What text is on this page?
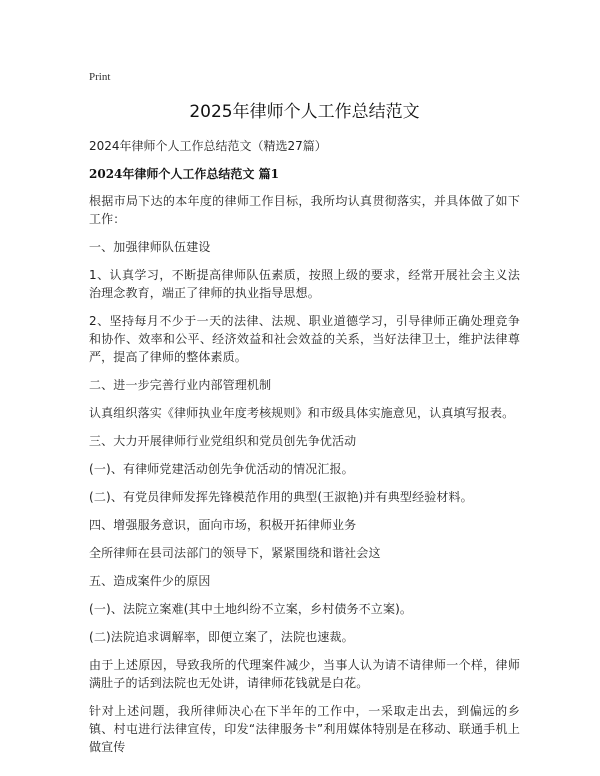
Print
2025年律师个人工作总结范文

2024年律师个人工作总结范文（精选27篇）

2024年律师个人工作总结范文 篇1

根据市局下达的本年度的律师工作目标，我所均认真贯彻落实，并具体做了如下工作：

一、加强律师队伍建设

1、认真学习，不断提高律师队伍素质，按照上级的要求，经常开展社会主义法治理念教育，端正了律师的执业指导思想。

2、坚持每月不少于一天的法律、法规、职业道德学习，引导律师正确处理竞争和协作、效率和公平、经济效益和社会效益的关系，当好法律卫士，维护法律尊严，提高了律师的整体素质。

二、进一步完善行业内部管理机制

认真组织落实《律师执业年度考核规则》和市级具体实施意见，认真填写报表。

三、大力开展律师行业党组织和党员创先争优活动

(一)、有律师党建活动创先争优活动的情况汇报。

(二)、有党员律师发挥先锋模范作用的典型(王淑艳)并有典型经验材料。

四、增强服务意识，面向市场，积极开拓律师业务

全所律师在县司法部门的领导下，紧紧围绕和谐社会这

五、造成案件少的原因

(一)、法院立案难(其中土地纠纷不立案，乡村债务不立案)。

(二)法院追求调解率，即便立案了，法院也速裁。

由于上述原因，导致我所的代理案件减少，当事人认为请不请律师一个样，律师满肚子的话到法院也无处讲，请律师花钱就是白花。

针对上述问题，我所律师决心在下半年的工作中，一采取走出去，到偏远的乡镇、村屯进行法律宣传，印发“法律服务卡”利用媒体特别是在移动、联通手机上做宣传
